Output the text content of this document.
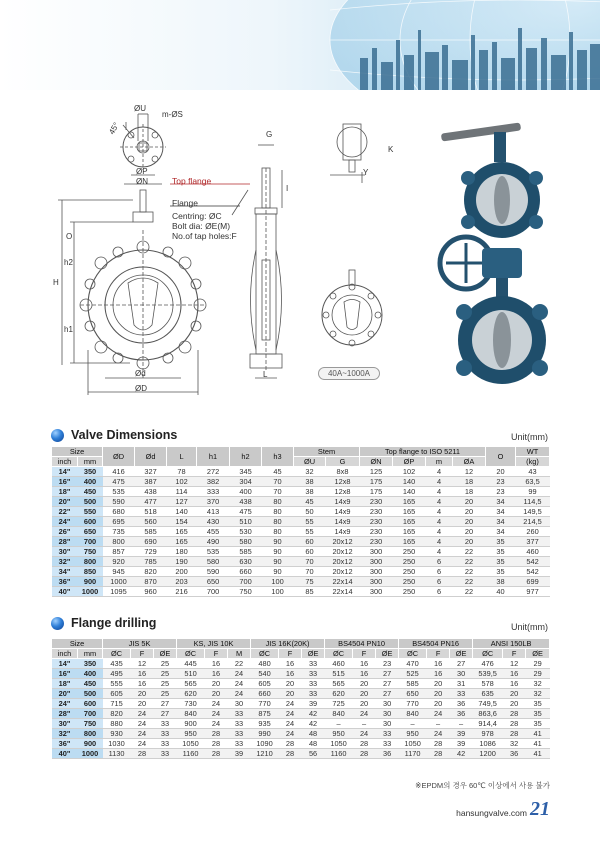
ØU
m-ØS
45°
ØP
ØN
G
K
Y
I
O
H
h2
h1
Ød
ØD
L
Top flange
Flange
Centring: ØC
Bolt dia: ØE(M)
No.of tap holes:F
40A~1000A
Valve Dimensions	Unit(mm)
Size		ØD	Ød	L	h1	h2	h3	Stem		Top flange to ISO 5211				O	WT
inch	mm							ØU	G	ØN	ØP	m	ØA		(kg)
14"	350	416	327	78	272	345	45	32	8x8	125	102	4	12	20	43
16"	400	475	387	102	382	304	70	38	12x8	175	140	4	18	23	63,5
18"	450	535	438	114	333	400	70	38	12x8	175	140	4	18	23	99
20"	500	590	477	127	370	438	80	45	14x9	230	165	4	20	34	114,5
22"	550	680	518	140	413	475	80	50	14x9	230	165	4	20	34	149,5
24"	600	695	560	154	430	510	80	55	14x9	230	165	4	20	34	214,5
26"	650	735	585	165	455	530	80	55	14x9	230	165	4	20	34	260
28"	700	800	690	165	490	580	90	60	20x12	230	165	4	20	35	377
30"	750	857	729	180	535	585	90	60	20x12	300	250	4	22	35	460
32"	800	920	785	190	580	630	90	70	20x12	300	250	6	22	35	542
34"	850	945	820	200	590	660	90	70	20x12	300	250	6	22	35	542
36"	900	1000	870	203	650	700	100	75	22x14	300	250	6	22	38	699
40"	1000	1095	960	216	700	750	100	85	22x14	300	250	6	22	40	977
Flange drilling	Unit(mm)
Size		JIS 5K			KS, JIS 10K			JIS 16K(20K)			BS4504 PN10			BS4504 PN16			ANSI 150LB		
inch	mm	ØC	F	ØE	ØC	F	M	ØC	F	ØE	ØC	F	ØE	ØC	F	ØE	ØC	F	ØE
14"	350	435	12	25	445	16	22	480	16	33	460	16	23	470	16	27	476	12	29
16"	400	495	16	25	510	16	24	540	16	33	515	16	27	525	16	30	539,5	16	29
18"	450	555	16	25	565	20	24	605	20	33	565	20	27	585	20	31	578	16	32
20"	500	605	20	25	620	20	24	660	20	33	620	20	27	650	20	33	635	20	32
24"	600	715	20	27	730	24	30	770	24	39	725	20	30	770	20	36	749,5	20	35
28"	700	820	24	27	840	24	33	875	24	42	840	24	30	840	24	36	863,6	28	35
30"	750	880	24	33	900	24	33	935	24	42	–	–	30	–	–	–	914,4	28	35
32"	800	930	24	33	950	28	33	990	24	48	950	24	33	950	24	39	978	28	41
36"	900	1030	24	33	1050	28	33	1090	28	48	1050	28	33	1050	28	39	1086	32	41
40"	1000	1130	28	33	1160	28	39	1210	28	56	1160	28	36	1170	28	42	1200	36	41
※EPDM의 경우 60℃ 이상에서 사용 불가
hansungvalve.com 21
